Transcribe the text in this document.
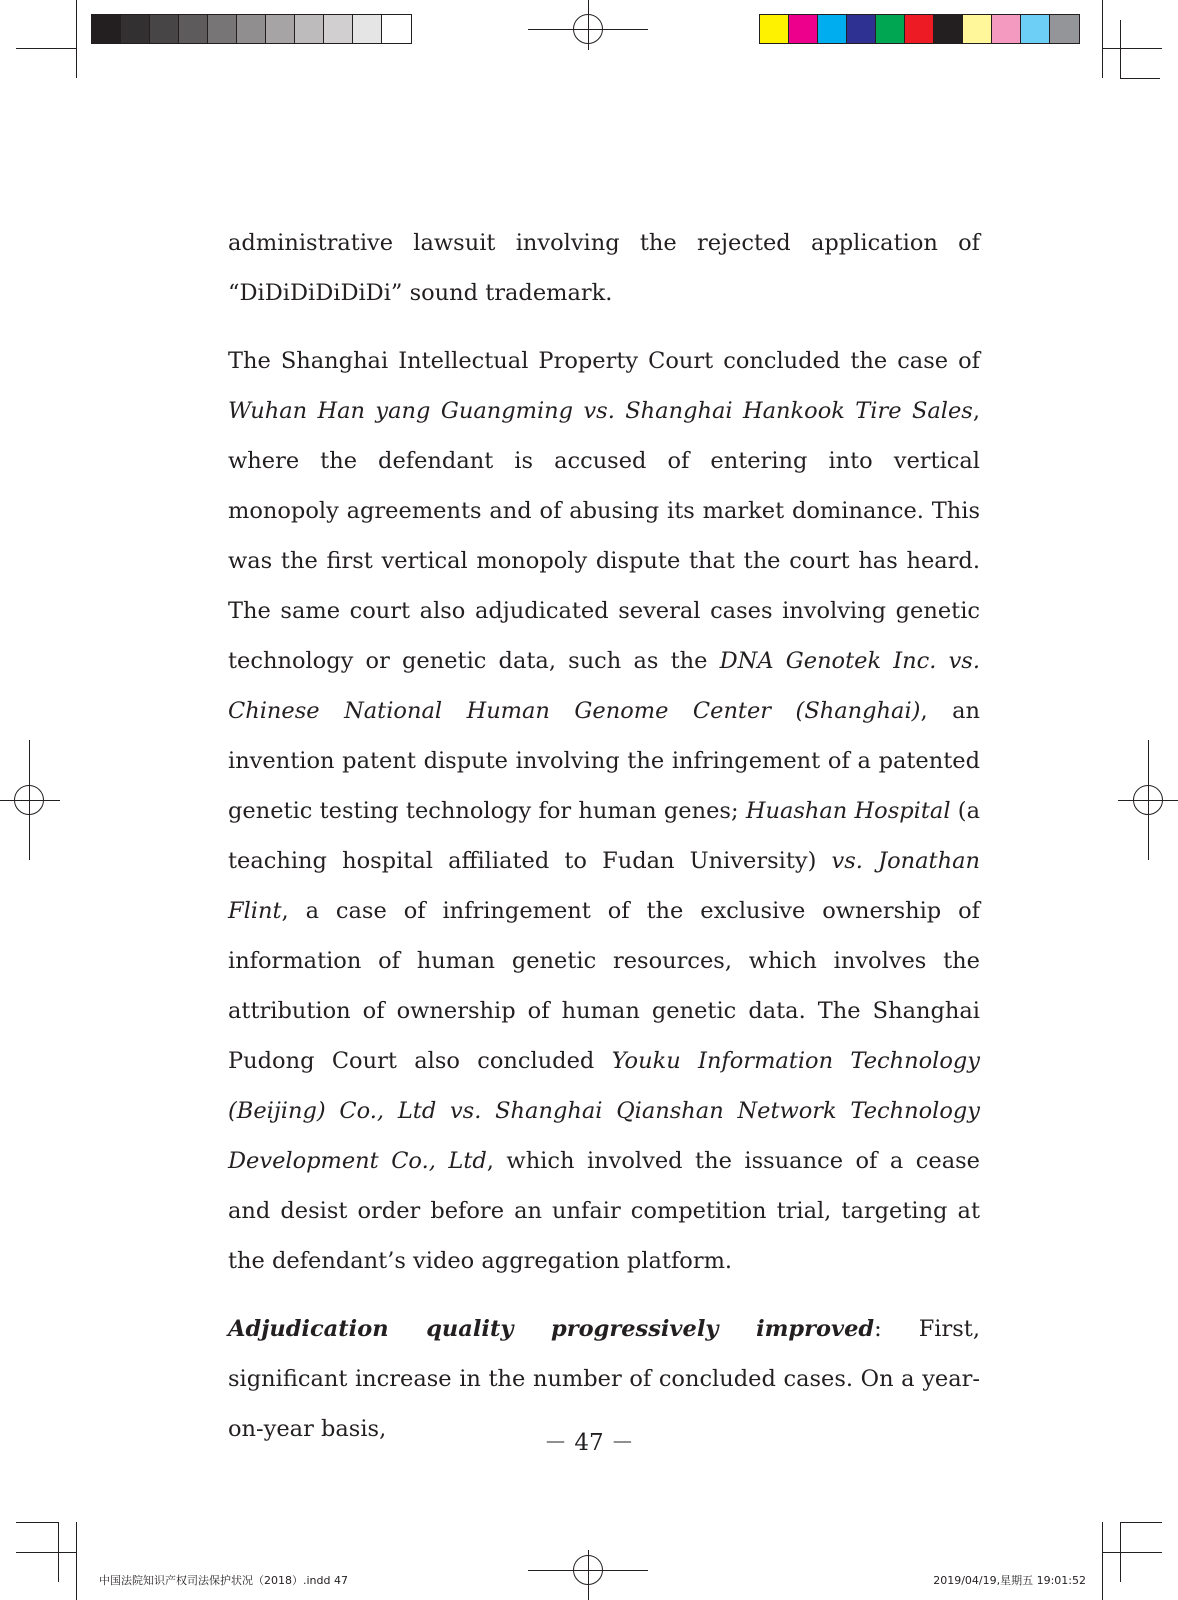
administrative lawsuit involving the rejected application of “DiDiDiDiDiDi” sound trademark.

The Shanghai Intellectual Property Court concluded the case of Wuhan Han yang Guangming vs. Shanghai Hankook Tire Sales, where the defendant is accused of entering into vertical monopoly agreements and of abusing its market dominance. This was the first vertical monopoly dispute that the court has heard. The same court also adjudicated several cases involving genetic technology or genetic data, such as the DNA Genotek Inc. vs. Chinese National Human Genome Center (Shanghai), an invention patent dispute involving the infringement of a patented genetic testing technology for human genes; Huashan Hospital (a teaching hospital affiliated to Fudan University) vs. Jonathan Flint, a case of infringement of the exclusive ownership of information of human genetic resources, which involves the attribution of ownership of human genetic data. The Shanghai Pudong Court also concluded Youku Information Technology (Beijing) Co., Ltd vs. Shanghai Qianshan Network Technology Development Co., Ltd, which involved the issuance of a cease and desist order before an unfair competition trial, targeting at the defendant’s video aggregation platform.

Adjudication quality progressively improved: First, significant increase in the number of concluded cases. On a year-on-year basis,

－ 47 －
中国法院知识产权司法保护状况（2018）.indd 47	2019/04/19,星期五 19:01:52
